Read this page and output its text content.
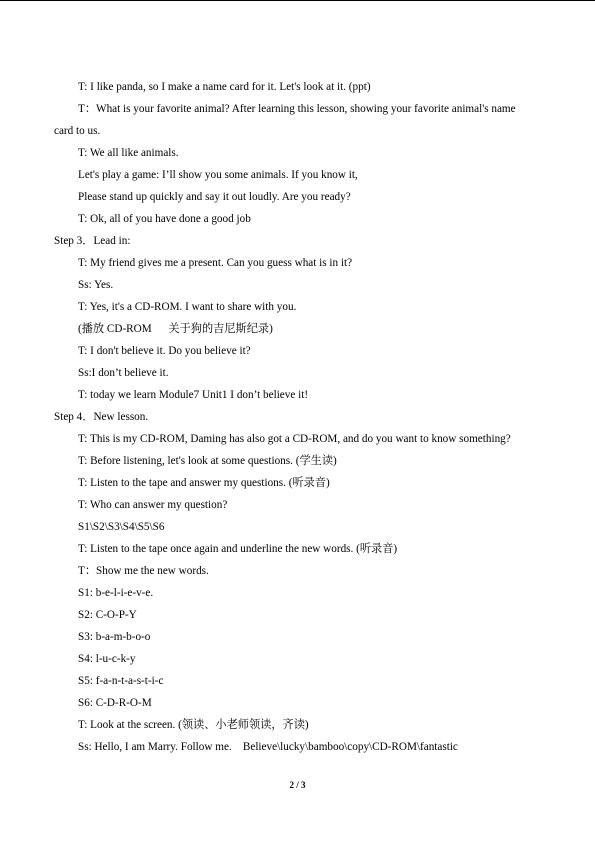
T: I like panda, so I make a name card for it. Let's look at it. (ppt)
T：What is your favorite animal? After learning this lesson, showing your favorite animal's name
card to us.
T: We all like animals.
Let's play a game: I’ll show you some animals. If you know it,
Please stand up quickly and say it out loudly. Are you ready?
T: Ok, all of you have done a good job
Step 3．Lead in:
T: My friend gives me a present. Can you guess what is in it?
Ss: Yes.
T: Yes, it's a CD-ROM. I want to share with you.
(播放 CD-ROM      关于狗的吉尼斯纪录)
T: I don't believe it. Do you believe it?
Ss:I don’t believe it.
T: today we learn Module7 Unit1 I don’t believe it!
Step 4．New lesson.
T: This is my CD-ROM, Daming has also got a CD-ROM, and do you want to know something?
T: Before listening, let's look at some questions. (学生读)
T: Listen to the tape and answer my questions. (听录音)
T: Who can answer my question?
S1\S2\S3\S4\S5\S6
T: Listen to the tape once again and underline the new words. (听录音)
T：Show me the new words.
S1: b-e-l-i-e-v-e.
S2: C-O-P-Y
S3: b-a-m-b-o-o
S4: l-u-c-k-y
S5: f-a-n-t-a-s-t-i-c
S6: C-D-R-O-M
T: Look at the screen. (领读、小老师领读，齐读)
Ss: Hello, I am Marry. Follow me.    Believe\lucky\bamboo\copy\CD-ROM\fantastic
2 / 3
